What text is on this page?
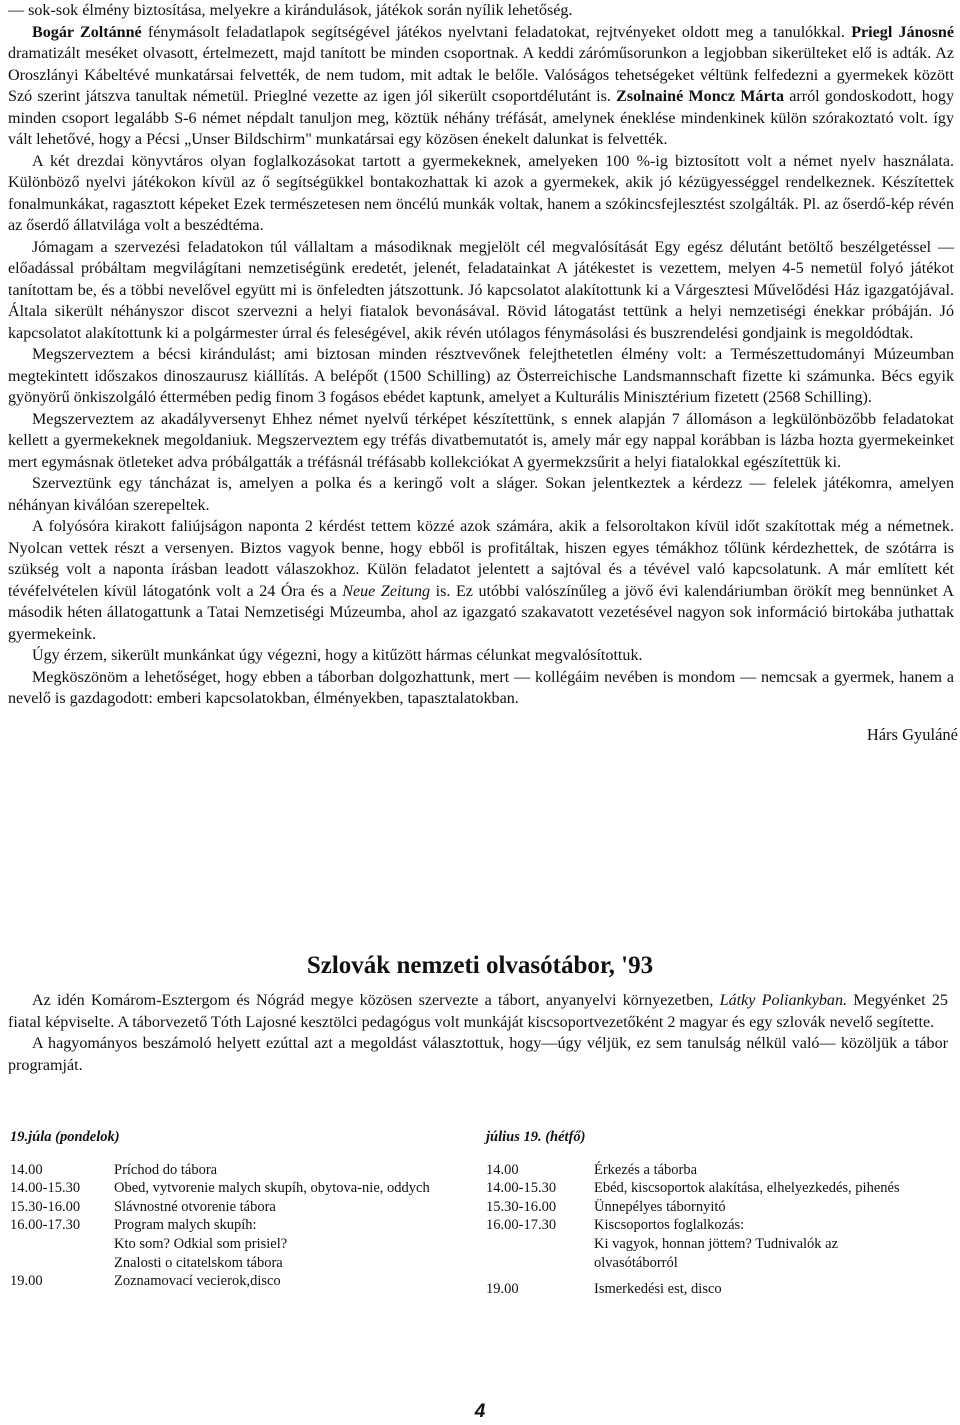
–– sok-sok élmény biztosítása, melyekre a kirándulások, játékok során nyílik lehetőség.

Bogár Zoltánné fénymásolt feladatlapok segítségével játékos nyelvtani feladatokat, rejtvényeket oldott meg a tanulókkal. Priegl Jánosné dramatizált meséket olvasott, értelmezett, majd tanított be minden csoportnak. A keddi záróműsorunkon a legjobban sikerülteket elő is adták. Az Oroszlányi Kábeltévé munkatársai felvették, de nem tudom, mit adtak le belőle. Valóságos tehetségeket véltünk felfedezni a gyermekek között Szó szerint játszva tanultak németül. Prieglné vezette az igen jól sikerült csoportdélutánt is. Zsolnainé Moncz Márta arról gondoskodott, hogy minden csoport legalább S-6 német népdalt tanuljon meg, köztük néhány tréfását, amelynek éneklése mindenkinek külön szórakoztató volt. így vált lehetővé, hogy a Pécsi „Unser Bildschirm" munkatársai egy közösen énekelt dalunkat is felvették.

A két drezdai könyvtáros olyan foglalkozásokat tartott a gyermekeknek, amelyeken 100 %-ig biztosított volt a német nyelv használata. Különböző nyelvi játékokon kívül az ő segítségükkel bontakozhattak ki azok a gyermekek, akik jó kézügyességgel rendelkeznek. Készítettek fonalmunkákat, ragasztott képeket Ezek természetesen nem öncélú munkák voltak, hanem a szókincsfejlesztést szolgálták. Pl. az őserdő-kép révén az őserdő állatvilága volt a beszédtéma.

Jómagam a szervezési feladatokon túl vállaltam a másodiknak megjelölt cél megvalósítását Egy egész délutánt betöltő beszélgetéssel –– előadással próbáltam megvilágítani nemzetiségünk eredetét, jelenét, feladatainkat A játékestet is vezettem, melyen 4-5 nemetül folyó játékot tanítottam be, és a többi nevelővel együtt mi is önfeledten játszottunk. Jó kapcsolatot alakítottunk ki a Várgesztesi Művelődési Ház igazgatójával. Általa sikerült néhányszor discot szervezni a helyi fiatalok bevonásával. Rövid látogatást tettünk a helyi nemzetiségi énekkar próbáján. Jó kapcsolatot alakítottunk ki a polgármester úrral és feleségével, akik révén utólagos fénymásolási és buszrendelési gondjaink is megoldódtak.

Megszerveztem a bécsi kirándulást; ami biztosan minden résztvevőnek felejthetetlen élmény volt: a Természettudományi Múzeumban megtekintett időszakos dinoszaurusz kiállítás. A belépőt (1500 Schilling) az Österreichische Landsmannschaft fizette ki számunka. Bécs egyik gyönyörű önkiszolgáló éttermében pedig finom 3 fogásos ebédet kaptunk, amelyet a Kulturális Minisztérium fizetett (2568 Schilling).

Megszerveztem az akadályversenyt Ehhez német nyelvű térképet készítettünk, s ennek alapján 7 állomáson a legkülönbözőbb feladatokat kellett a gyermekeknek megoldaniuk. Megszerveztem egy tréfás divatbemutatót is, amely már egy nappal korábban is lázba hozta gyermekeinket mert egymásnak ötleteket adva próbálgatták a tréfásnál tréfásabb kollekciókat A gyermekzsűrit a helyi fiatalokkal egészítettük ki.

Szerveztünk egy táncházat is, amelyen a polka és a keringő volt a sláger. Sokan jelentkeztek a kérdezz –– felelek játékomra, amelyen néhányan kiválóan szerepeltek.

A folyósóra kirakott faliújságon naponta 2 kérdést tettem közzé azok számára, akik a felsoroltakon kívül időt szakítottak még a németnek. Nyolcan vettek részt a versenyen. Biztos vagyok benne, hogy ebből is profitáltak, hiszen egyes témákhoz tőlünk kérdezhettek, de szótárra is szükség volt a naponta írásban leadott válaszokhoz. Külön feladatot jelentett a sajtóval és a tévével való kapcsolatunk. A már említett két tévéfelvételen kívül látogatónk volt a 24 Óra és a Neue Zeitung is. Ez utóbbi valószínűleg a jövő évi kalendáriumban örökít meg bennünket A második héten állatogattunk a Tatai Nemzetiségi Múzeumba, ahol az igazgató szakavatott vezetésével nagyon sok információ birtokába juthattak gyermekeink.

Úgy érzem, sikerült munkánkat úgy végezni, hogy a kitűzött hármas célunkat megvalósítottuk.

Megköszönöm a lehetőséget, hogy ebben a táborban dolgozhattunk, mert –– kollégáim nevében is mondom –– nemcsak a gyermek, hanem a nevelő is gazdagodott: emberi kapcsolatokban, élményekben, tapasztalatokban.

Hárs Gyuláné

Szlovák nemzeti olvasótábor, '93

Az idén Komárom-Esztergom és Nógrád megye közösen szervezte a tábort, anyanyelvi környezetben, Látky Poliankyban. Megyénket 25 fiatal képviselte. A táborvezető Tóth Lajosné kesztölci pedagógus volt munkáját kiscsoportvezetőként 2 magyar és egy szlovák nevelő segítette.

A hagyományos beszámoló helyett ezúttal azt a megoldást választottuk, hogy––úgy véljük, ez sem tanulság nélkül való–– közöljük a tábor programját.

19.júla (pondelok)
14.00	Príchod do tábora
14.00-15.30	Obed, vytvorenie malych skupíh, obytova-nie, oddych
15.30-16.00	Slávnostné otvorenie tábora
16.00-17.30	Program malych skupíh:
Kto som? Odkial som prisiel?
Znalosti o citatelskom tábora
19.00	Zoznamovací vecierok,disco
július 19. (hétfő)
14.00	Érkezés a táborba
14.00-15.30	Ebéd, kiscsoportok alakítása, elhelyezkedés, pihenés
15.30-16.00	Ünnepélyes tábornyitó
16.00-17.30	Kiscsoportos foglalkozás:
Ki vagyok, honnan jöttem? Tudnivalók az olvasótáborról
19.00	Ismerkedési est, disco
4
